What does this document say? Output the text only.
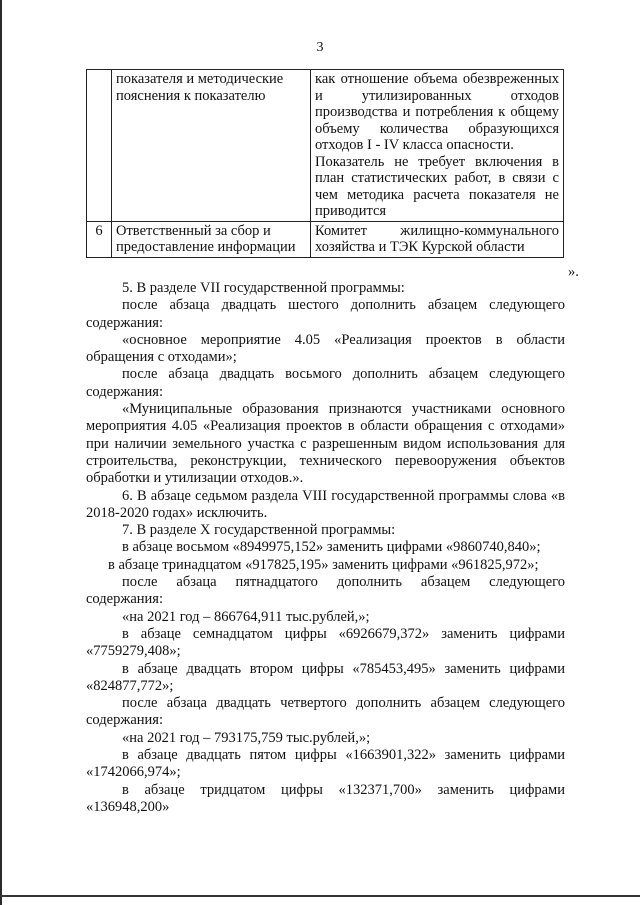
3
	показателя и методические пояснения к показателю	как отношение объема обезвреженных и утилизированных отходов производства и потребления к общему объему количества образующихся отходов I - IV класса опасности.
Показатель не требует включения в план статистических работ, в связи с чем методика расчета показателя не приводится

6	Ответственный за сбор и предоставление информации	Комитет жилищно-коммунального хозяйства и ТЭК Курской области
».

5. В разделе VII государственной программы:

после абзаца двадцать шестого дополнить абзацем следующего содержания:

«основное мероприятие 4.05 «Реализация проектов в области обращения с отходами»;

после абзаца двадцать восьмого дополнить абзацем следующего содержания:

«Муниципальные образования признаются участниками основного мероприятия 4.05 «Реализация проектов в области обращения с отходами» при наличии земельного участка с разрешенным видом использования для строительства, реконструкции, технического перевооружения объектов обработки и утилизации отходов.».

6. В абзаце седьмом раздела VIII государственной программы слова «в 2018-2020 годах» исключить.

7. В разделе X государственной программы:

в абзаце восьмом «8949975,152» заменить цифрами «9860740,840»;

в абзаце тринадцатом «917825,195» заменить цифрами «961825,972»;

после абзаца пятнадцатого дополнить абзацем следующего содержания:

«на 2021 год – 866764,911 тыс.рублей,»;

в абзаце семнадцатом цифры «6926679,372» заменить цифрами «7759279,408»;

в абзаце двадцать втором цифры «785453,495» заменить цифрами «824877,772»;

после абзаца двадцать четвертого дополнить абзацем следующего содержания:

«на 2021 год – 793175,759 тыс.рублей,»;

в абзаце двадцать пятом цифры «1663901,322» заменить цифрами «1742066,974»;

в абзаце тридцатом цифры «132371,700» заменить цифрами «136948,200»
